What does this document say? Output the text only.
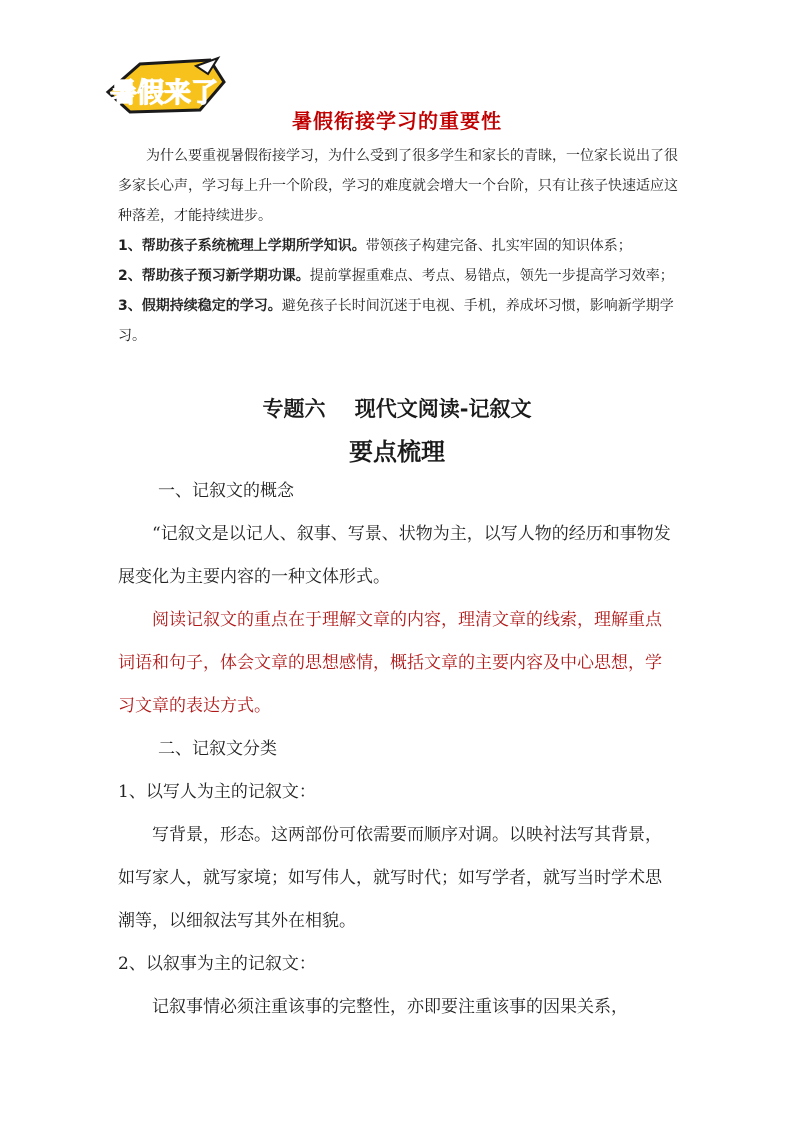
暑假来了
暑假衔接学习的重要性

为什么要重视暑假衔接学习，为什么受到了很多学生和家长的青睐，一位家长说出了很多家长心声，学习每上升一个阶段，学习的难度就会增大一个台阶，只有让孩子快速适应这种落差，才能持续进步。

1、帮助孩子系统梳理上学期所学知识。带领孩子构建完备、扎实牢固的知识体系；

2、帮助孩子预习新学期功课。提前掌握重难点、考点、易错点，领先一步提高学习效率；

3、假期持续稳定的学习。避免孩子长时间沉迷于电视、手机，养成坏习惯，影响新学期学习。

专题六    现代文阅读-记叙文
要点梳理

一、记叙文的概念

“记叙文是以记人、叙事、写景、状物为主，以写人物的经历和事物发展变化为主要内容的一种文体形式。

阅读记叙文的重点在于理解文章的内容，理清文章的线索，理解重点词语和句子，体会文章的思想感情，概括文章的主要内容及中心思想，学习文章的表达方式。

二、记叙文分类

1、以写人为主的记叙文：

写背景，形态。这两部份可依需要而顺序对调。以映衬法写其背景，如写家人，就写家境；如写伟人，就写时代；如写学者，就写当时学术思潮等，以细叙法写其外在相貌。

2、以叙事为主的记叙文：

记叙事情必须注重该事的完整性，亦即要注重该事的因果关系，
